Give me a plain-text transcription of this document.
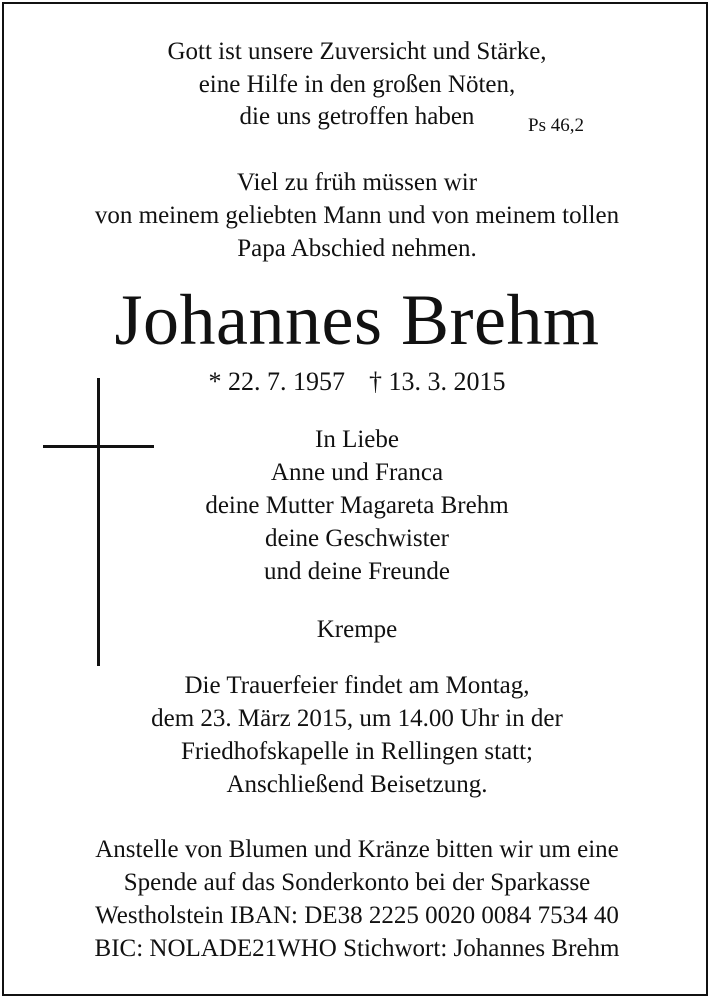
Gott ist unsere Zuversicht und Stärke,
eine Hilfe in den großen Nöten,
die uns getroffen haben	Ps 46,2
Viel zu früh müssen wir
von meinem geliebten Mann und von meinem tollen
Papa Abschied nehmen.
Johannes Brehm
* 22. 7. 1957 † 13. 3. 2015
In Liebe
Anne und Franca
deine Mutter Magareta Brehm
deine Geschwister
und deine Freunde
Krempe
Die Trauerfeier findet am Montag,
dem 23. März 2015, um 14.00 Uhr in der
Friedhofskapelle in Rellingen statt;
Anschließend Beisetzung.
Anstelle von Blumen und Kränze bitten wir um eine
Spende auf das Sonderkonto bei der Sparkasse
Westholstein IBAN: DE38 2225 0020 0084 7534 40
BIC: NOLADE21WHO Stichwort: Johannes Brehm
